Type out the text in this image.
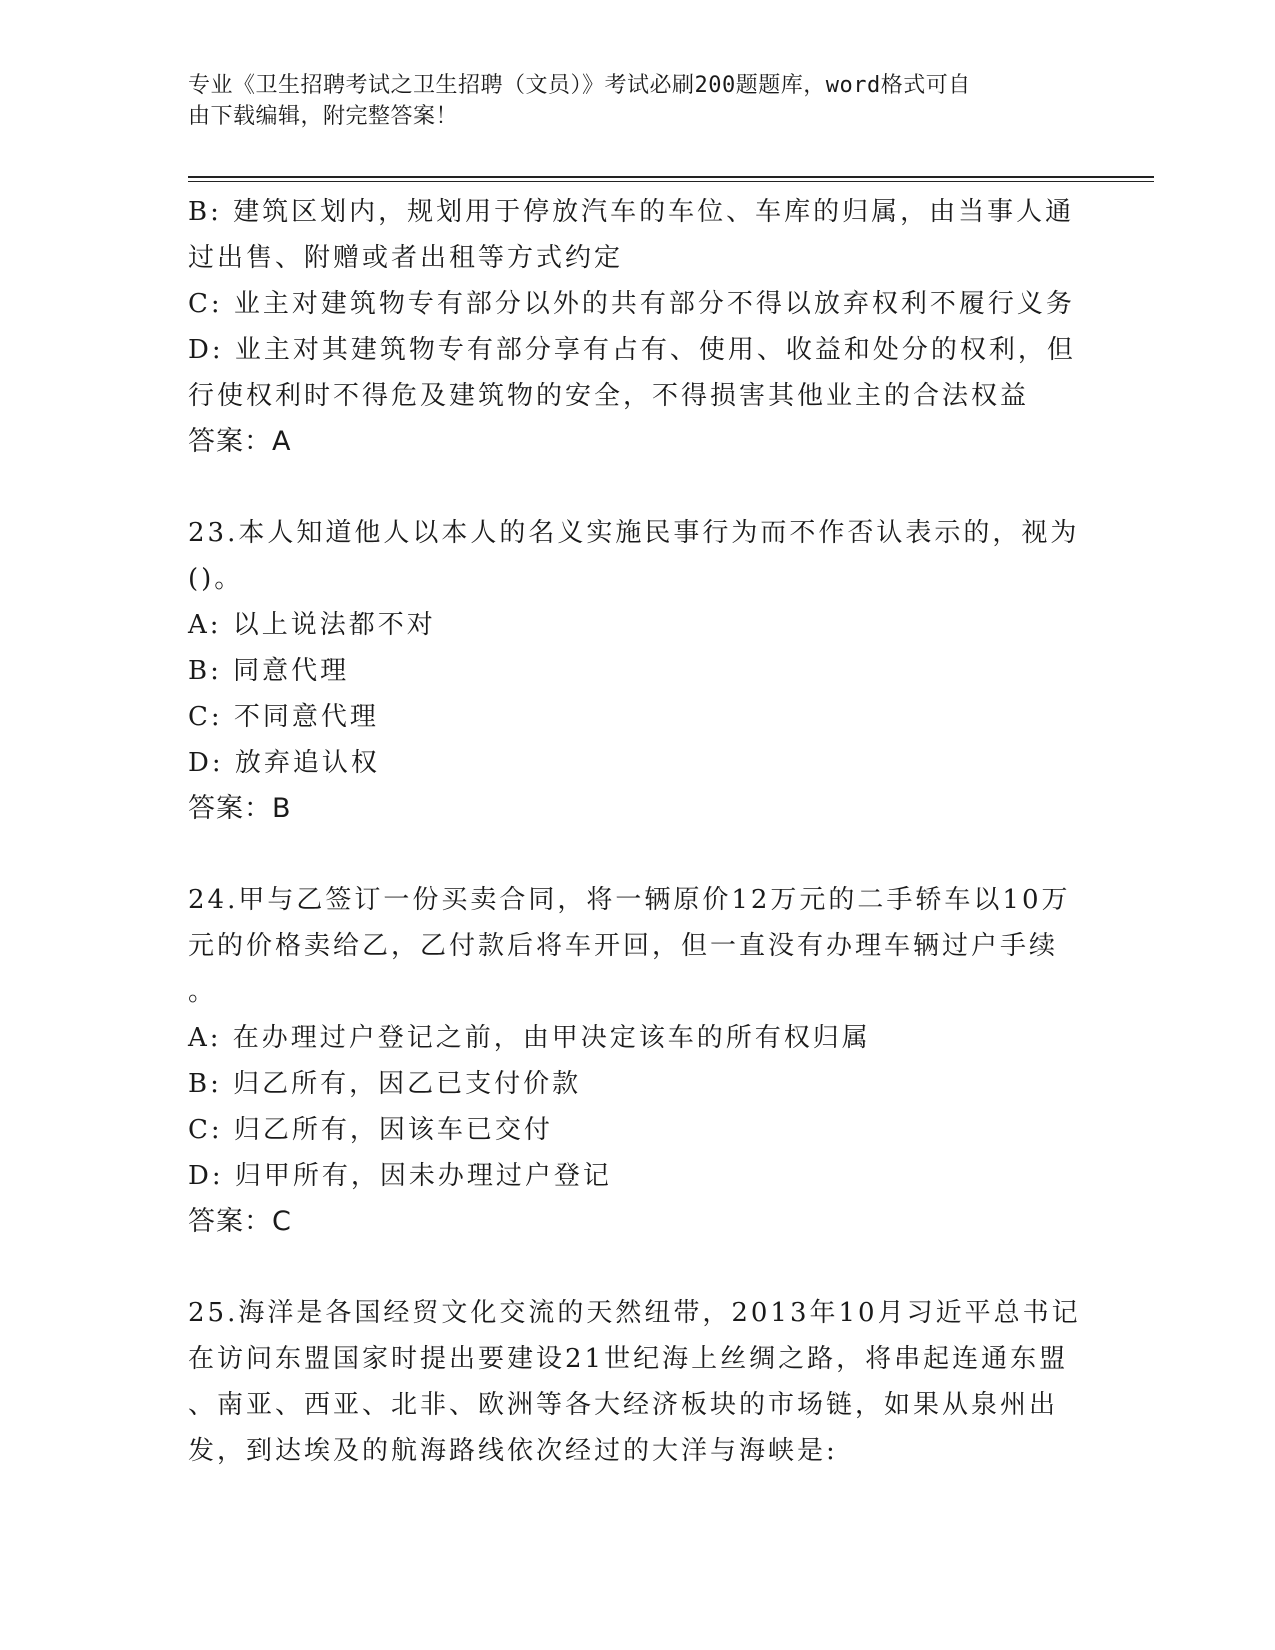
专业《卫生招聘考试之卫生招聘（文员）》考试必刷200题题库，word格式可自
由下载编辑，附完整答案！
B: 建筑区划内，规划用于停放汽车的车位、车库的归属，由当事人通
过出售、附赠或者出租等方式约定
C: 业主对建筑物专有部分以外的共有部分不得以放弃权利不履行义务
D: 业主对其建筑物专有部分享有占有、使用、收益和处分的权利，但
行使权利时不得危及建筑物的安全，不得损害其他业主的合法权益
答案：A
23.本人知道他人以本人的名义实施民事行为而不作否认表示的，视为
()。
A: 以上说法都不对
B: 同意代理
C: 不同意代理
D: 放弃追认权
答案：B
24.甲与乙签订一份买卖合同，将一辆原价12万元的二手轿车以10万
元的价格卖给乙，乙付款后将车开回，但一直没有办理车辆过户手续
。
A: 在办理过户登记之前，由甲决定该车的所有权归属
B: 归乙所有，因乙已支付价款
C: 归乙所有，因该车已交付
D: 归甲所有，因未办理过户登记
答案：C
25.海洋是各国经贸文化交流的天然纽带，2013年10月习近平总书记
在访问东盟国家时提出要建设21世纪海上丝绸之路，将串起连通东盟
、南亚、西亚、北非、欧洲等各大经济板块的市场链，如果从泉州出
发，到达埃及的航海路线依次经过的大洋与海峡是:
